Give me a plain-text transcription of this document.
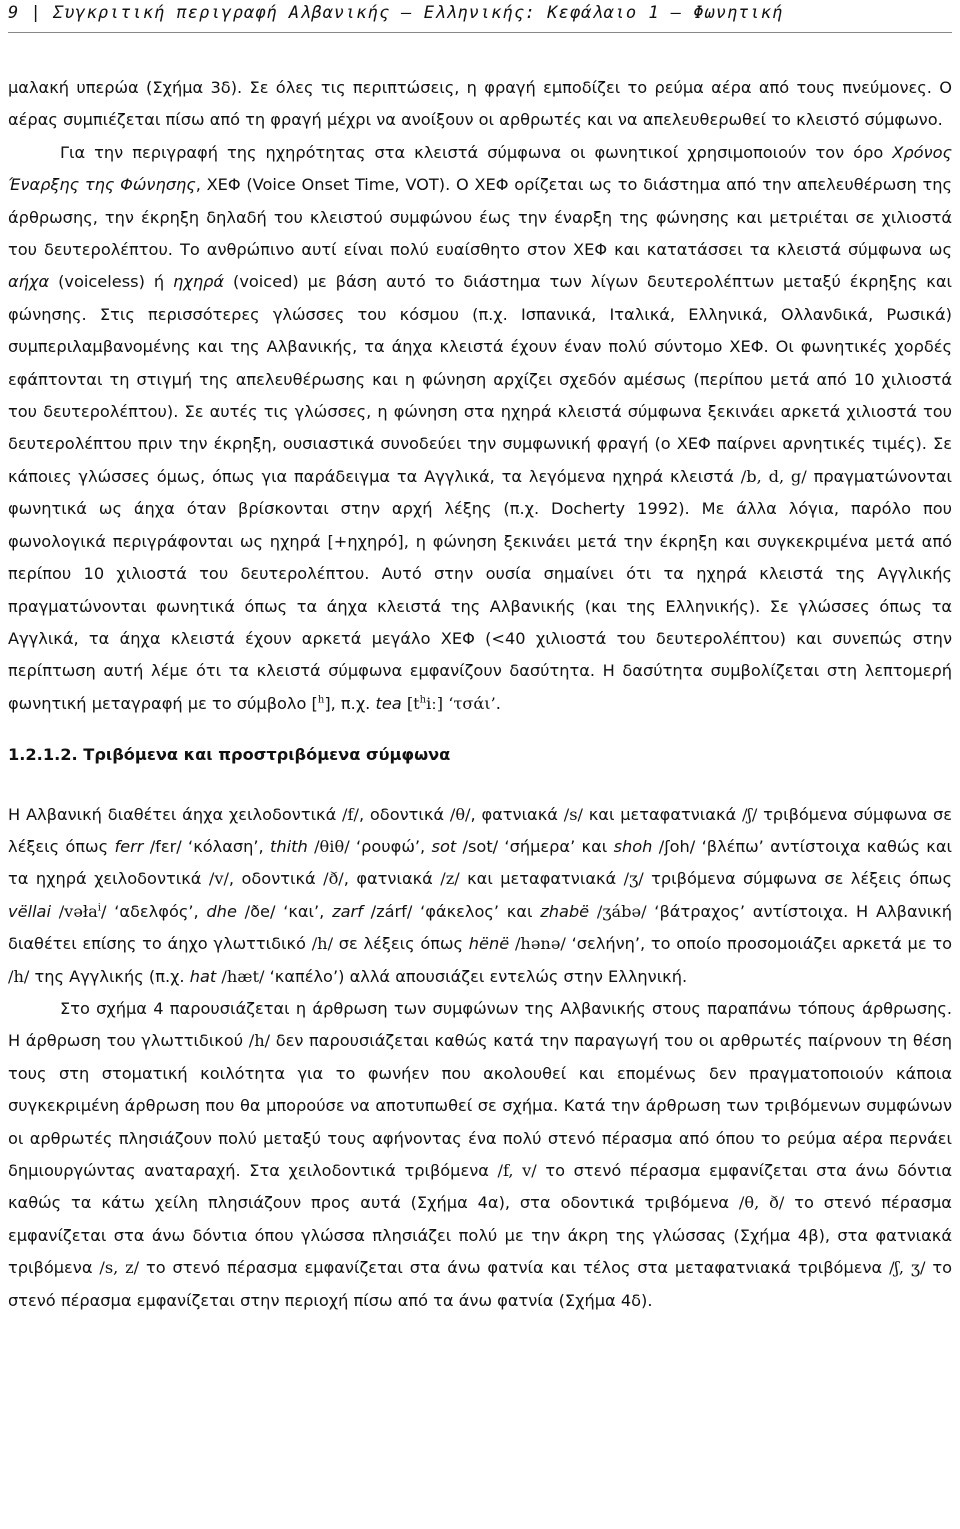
9 | Συγκριτική περιγραφή Αλβανικής – Ελληνικής: Κεφάλαιο 1 – Φωνητική

μαλακή υπερώα (Σχήμα 3δ). Σε όλες τις περιπτώσεις, η φραγή εμποδίζει το ρεύμα αέρα από τους πνεύμονες. Ο αέρας συμπιέζεται πίσω από τη φραγή μέχρι να ανοίξουν οι αρθρωτές και να απελευθερωθεί το κλειστό σύμφωνο.

Για την περιγραφή της ηχηρότητας στα κλειστά σύμφωνα οι φωνητικοί χρησιμοποιούν τον όρο Χρόνος Έναρξης της Φώνησης, ΧΕΦ (Voice Onset Time, VOT). Ο ΧΕΦ ορίζεται ως το διάστημα από την απελευθέρωση της άρθρωσης, την έκρηξη δηλαδή του κλειστού συμφώνου έως την έναρξη της φώνησης και μετριέται σε χιλιοστά του δευτερολέπτου. Το ανθρώπινο αυτί είναι πολύ ευαίσθητο στον ΧΕΦ και κατατάσσει τα κλειστά σύμφωνα ως αήχα (voiceless) ή ηχηρά (voiced) με βάση αυτό το διάστημα των λίγων δευτερολέπτων μεταξύ έκρηξης και φώνησης. Στις περισσότερες γλώσσες του κόσμου (π.χ. Ισπανικά, Ιταλικά, Ελληνικά, Ολλανδικά, Ρωσικά) συμπεριλαμβανομένης και της Αλβανικής, τα άηχα κλειστά έχουν έναν πολύ σύντομο ΧΕΦ. Οι φωνητικές χορδές εφάπτονται τη στιγμή της απελευθέρωσης και η φώνηση αρχίζει σχεδόν αμέσως (περίπου μετά από 10 χιλιοστά του δευτερολέπτου). Σε αυτές τις γλώσσες, η φώνηση στα ηχηρά κλειστά σύμφωνα ξεκινάει αρκετά χιλιοστά του δευτερολέπτου πριν την έκρηξη, ουσιαστικά συνοδεύει την συμφωνική φραγή (ο ΧΕΦ παίρνει αρνητικές τιμές). Σε κάποιες γλώσσες όμως, όπως για παράδειγμα τα Αγγλικά, τα λεγόμενα ηχηρά κλειστά /b, d, g/ πραγματώνονται φωνητικά ως άηχα όταν βρίσκονται στην αρχή λέξης (π.χ. Docherty 1992). Με άλλα λόγια, παρόλο που φωνολογικά περιγράφονται ως ηχηρά [+ηχηρό], η φώνηση ξεκινάει μετά την έκρηξη και συγκεκριμένα μετά από περίπου 10 χιλιοστά του δευτερολέπτου. Αυτό στην ουσία σημαίνει ότι τα ηχηρά κλειστά της Αγγλικής πραγματώνονται φωνητικά όπως τα άηχα κλειστά της Αλβανικής (και της Ελληνικής). Σε γλώσσες όπως τα Αγγλικά, τα άηχα κλειστά έχουν αρκετά μεγάλο ΧΕΦ (<40 χιλιοστά του δευτερολέπτου) και συνεπώς στην περίπτωση αυτή λέμε ότι τα κλειστά σύμφωνα εμφανίζουν δασύτητα. Η δασύτητα συμβολίζεται στη λεπτομερή φωνητική μεταγραφή με το σύμβολο [$^h$], π.χ. tea $[t^hiː]$ ‘τσάι’.

1.2.1.2. Τριβόμενα και προστριβόμενα σύμφωνα

Η Αλβανική διαθέτει άηχα χειλοδοντικά /f/, οδοντικά /θ/, φατνιακά /s/ και μεταφατνιακά /ʃ/ τριβόμενα σύμφωνα σε λέξεις όπως ferr /fɛr/ ‘κόλαση’, thith /θiθ/ ‘ρουφώ’, sot /sot/ ‘σήμερα’ και shoh /ʃoh/ ‘βλέπω’ αντίστοιχα καθώς και τα ηχηρά χειλοδοντικά /v/, οδοντικά /ð/, φατνιακά /z/ και μεταφατνιακά /ʒ/ τριβόμενα σύμφωνα σε λέξεις όπως vëllai /vəła$^i$/ ‘αδελφός’, dhe /ðe/ ‘και’, zarf /zárf/ ‘φάκελος’ και zhabë /ʒábə/ ‘βάτραχος’ αντίστοιχα. Η Αλβανική διαθέτει επίσης το άηχο γλωττιδικό /h/ σε λέξεις όπως hënë /hənə/ ‘σελήνη’, το οποίο προσομοιάζει αρκετά με το /h/ της Αγγλικής (π.χ. hat /hæt/ ‘καπέλο’) αλλά απουσιάζει εντελώς στην Ελληνική.

Στο σχήμα 4 παρουσιάζεται η άρθρωση των συμφώνων της Αλβανικής στους παραπάνω τόπους άρθρωσης. Η άρθρωση του γλωττιδικού /h/ δεν παρουσιάζεται καθώς κατά την παραγωγή του οι αρθρωτές παίρνουν τη θέση τους στη στοματική κοιλότητα για το φωνήεν που ακολουθεί και επομένως δεν πραγματοποιούν κάποια συγκεκριμένη άρθρωση που θα μπορούσε να αποτυπωθεί σε σχήμα. Κατά την άρθρωση των τριβόμενων συμφώνων οι αρθρωτές πλησιάζουν πολύ μεταξύ τους αφήνοντας ένα πολύ στενό πέρασμα από όπου το ρεύμα αέρα περνάει δημιουργώντας αναταραχή. Στα χειλοδοντικά τριβόμενα /f, v/ το στενό πέρασμα εμφανίζεται στα άνω δόντια καθώς τα κάτω χείλη πλησιάζουν προς αυτά (Σχήμα 4α), στα οδοντικά τριβόμενα /θ, ð/ το στενό πέρασμα εμφανίζεται στα άνω δόντια όπου γλώσσα πλησιάζει πολύ με την άκρη της γλώσσας (Σχήμα 4β), στα φατνιακά τριβόμενα /s, z/ το στενό πέρασμα εμφανίζεται στα άνω φατνία και τέλος στα μεταφατνιακά τριβόμενα /ʃ, ʒ/ το στενό πέρασμα εμφανίζεται στην περιοχή πίσω από τα άνω φατνία (Σχήμα 4δ).
